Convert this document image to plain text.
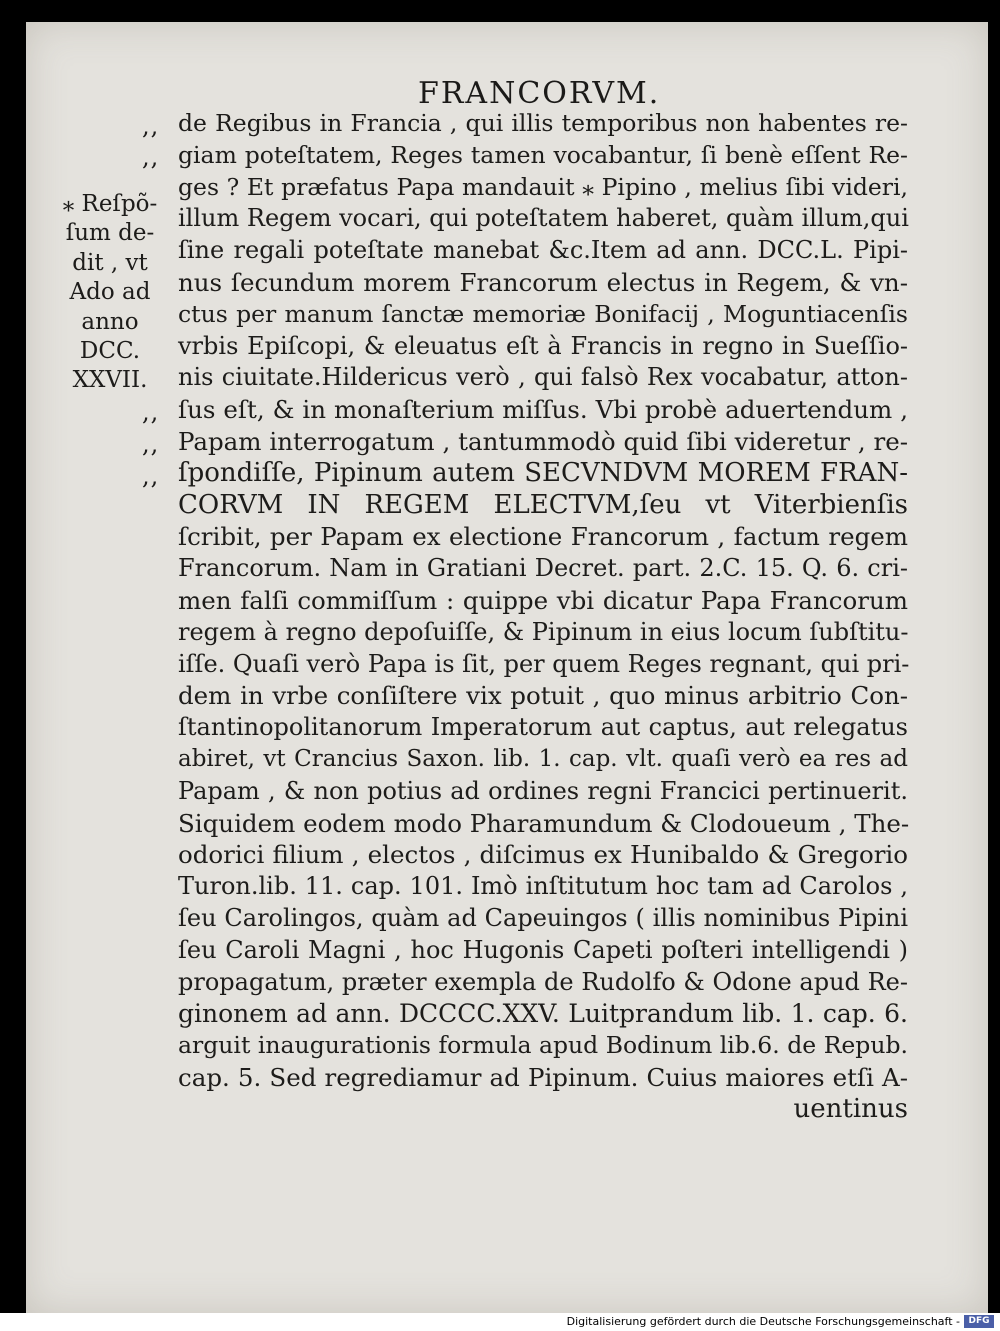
FRANCORVM.
,,
,,
,,
,,
,,
⁎ Reſpõ-
ſum de-
dit , vt
Ado ad
anno
DCC.
XXVII.
de Regibus in Francia , qui illis temporibus non habentes re-
giam poteſtatem, Reges tamen vocabantur, ſi benè eſſent Re-
ges ? Et præfatus Papa mandauit ⁎ Pipino , melius ſibi videri,
illum Regem vocari, qui poteſtatem haberet, quàm illum,qui
ſine regali poteſtate manebat &c.Item ad ann. DCC.L. Pipi-
nus ſecundum morem Francorum electus in Regem, & vn-
ctus per manum ſanctæ memoriæ Bonifacij , Moguntiacenſis
vrbis Epiſcopi, & eleuatus eſt à Francis in regno in Sueſſio-
nis ciuitate.Hildericus verò , qui falsò Rex vocabatur, atton-
ſus eſt, & in monaſterium miſſus. Vbi probè aduertendum ,
Papam interrogatum , tantummodò quid ſibi videretur , re-
ſpondiſſe, Pipinum autem SECVNDVM MOREM FRAN-
CORVM IN REGEM ELECTVM,ſeu vt Viterbienſis
ſcribit, per Papam ex electione Francorum , factum regem
Francorum. Nam in Gratiani Decret. part. 2.C. 15. Q. 6. cri-
men falſi commiſſum : quippe vbi dicatur Papa Francorum
regem à regno depoſuiſſe, & Pipinum in eius locum ſubſtitu-
iſſe. Quaſi verò Papa is ſit, per quem Reges regnant, qui pri-
dem in vrbe conſiſtere vix potuit , quo minus arbitrio Con-
ſtantinopolitanorum Imperatorum aut captus, aut relegatus
abiret, vt Crancius Saxon. lib. 1. cap. vlt. quaſi verò ea res ad
Papam , & non potius ad ordines regni Francici pertinuerit.
Siquidem eodem modo Pharamundum & Clodoueum , The-
odorici filium , electos , diſcimus ex Hunibaldo & Gregorio
Turon.lib. 11. cap. 101. Imò inſtitutum hoc tam ad Carolos ,
ſeu Carolingos, quàm ad Capeuingos ( illis nominibus Pipini
ſeu Caroli Magni , hoc Hugonis Capeti poſteri intelligendi )
propagatum, præter exempla de Rudolfo & Odone apud Re-
ginonem ad ann. DCCCC.XXV. Luitprandum lib. 1. cap. 6.
arguit inaugurationis formula apud Bodinum lib.6. de Repub.
cap. 5. Sed regrediamur ad Pipinum. Cuius maiores etſi A-
uentinus
Digitalisierung gefördert durch die Deutsche Forschungsgemeinschaft - DFG
